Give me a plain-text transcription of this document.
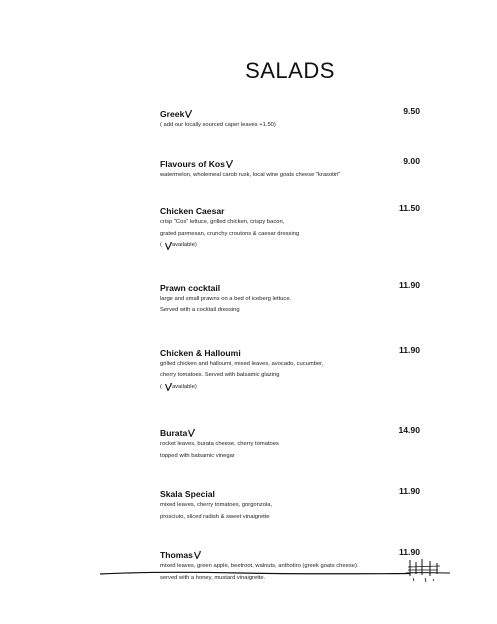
SALADS
Greek	9.50
( add our locally sourced caper leaves +1.50)
Flavours of Kos	9.00
watermelon, wholemeal carob rusk, local wine goats cheese "krasotiri"
Chicken Caesar	11.50
crisp "Cos" lettuce, grilled chicken, crispy bacon,
grated parmesan, crunchy croutons & caesar dressing
( available)
Prawn cocktail	11.90
large and small prawns on a bed of iceberg lettuce.
Served with a cocktail dressing
Chicken & Halloumi	11.90
grilled chicken and halloumi, mixed leaves, avocado, cucumber,
cherry tomatoes. Served with balsamic glazing
( available)
Burata	14.90
rocket leaves, burata cheese, cherry tomatoes
topped with balsamic vinegar
Skala Special	11.90
mixed leaves, cherry tomatoes, gorgonzola,
prosciuto, sliced radish & sweet vinaigrette
Thomas	11.90
mixed leaves, green apple, beetroot, walnuts, anthotiro (greek goats cheese).
served with a honey, mustard vinaigrette.
